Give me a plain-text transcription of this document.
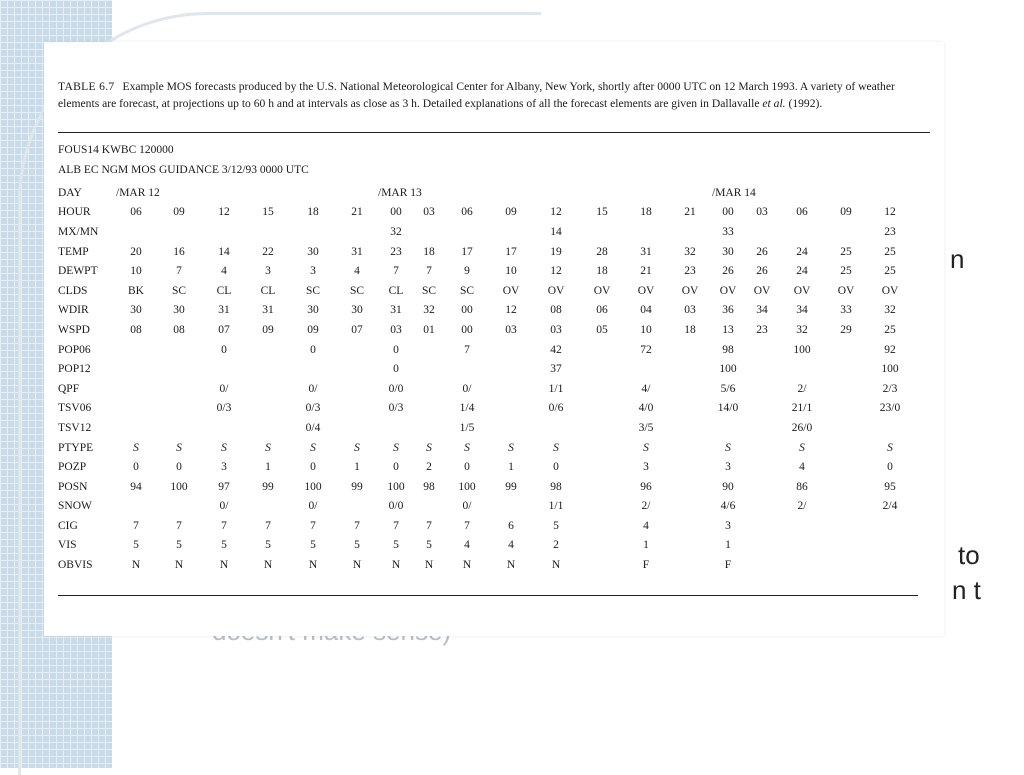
n
to
n t
TABLE 6.7 Example MOS forecasts produced by the U.S. National Meteorological Center for Albany, New York, shortly after 0000 UTC on 12 March 1993. A variety of weather elements are forecast, at projections up to 60 h and at intervals as close as 3 h. Detailed explanations of all the forecast elements are given in Dallavalle et al. (1992).
FOUS14 KWBC 120000
ALB EC NGM MOS GUIDANCE 3/12/93 0000 UTC
DAY	/MAR 12						/MAR 13								/MAR 14				
HOUR	06	09	12	15	18	21	00	03	06	09	12	15	18	21	00	03	06	09	12
MX/MN							32				14				33				23
TEMP	20	16	14	22	30	31	23	18	17	17	19	28	31	32	30	26	24	25	25
DEWPT	10	7	4	3	3	4	7	7	9	10	12	18	21	23	26	26	24	25	25
CLDS	BK	SC	CL	CL	SC	SC	CL	SC	SC	OV	OV	OV	OV	OV	OV	OV	OV	OV	OV
WDIR	30	30	31	31	30	30	31	32	00	12	08	06	04	03	36	34	34	33	32
WSPD	08	08	07	09	09	07	03	01	00	03	03	05	10	18	13	23	32	29	25
POP06			0		0		0		7		42		72		98		100		92
POP12							0				37				100				100
QPF			0/		0/		0/0		0/		1/1		4/		5/6		2/		2/3
TSV06			0/3		0/3		0/3		1/4		0/6		4/0		14/0		21/1		23/0
TSV12					0/4				1/5				3/5				26/0		
PTYPE	S	S	S	S	S	S	S	S	S	S	S		S		S		S		S
POZP	0	0	3	1	0	1	0	2	0	1	0		3		3		4		0
POSN	94	100	97	99	100	99	100	98	100	99	98		96		90		86		95
SNOW			0/		0/		0/0		0/		1/1		2/		4/6		2/		2/4
CIG	7	7	7	7	7	7	7	7	7	6	5		4		3				
VIS	5	5	5	5	5	5	5	5	4	4	2		1		1				
OBVIS	N	N	N	N	N	N	N	N	N	N	N		F		F				
